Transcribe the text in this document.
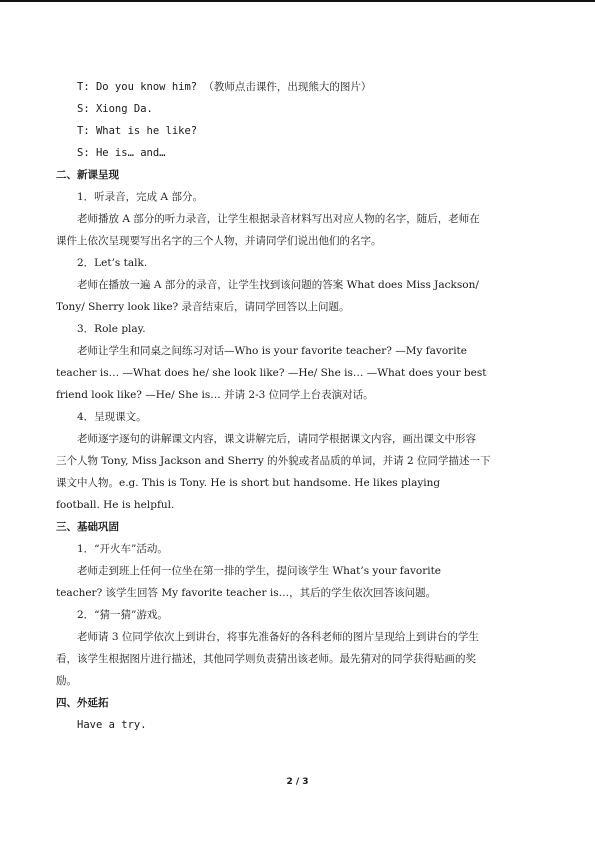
T: Do you know him? （教师点击课件，出现熊大的图片）
S: Xiong Da.
T: What is he like?
S: He is… and…
二、新课呈现
1．听录音，完成 A 部分。
老师播放 A 部分的听力录音，让学生根据录音材料写出对应人物的名字，随后，老师在
课件上依次呈现要写出名字的三个人物，并请同学们说出他们的名字。
2．Let’s talk.
老师在播放一遍 A 部分的录音，让学生找到该问题的答案 What does Miss Jackson/
Tony/ Sherry look like? 录音结束后，请同学回答以上问题。
3．Role play.
老师让学生和同桌之间练习对话—Who is your favorite teacher? —My favorite
teacher is… —What does he/ she look like? —He/ She is… —What does your best
friend look like? —He/ She is… 并请 2-3 位同学上台表演对话。
4．呈现课文。
老师逐字逐句的讲解课文内容，课文讲解完后，请同学根据课文内容，画出课文中形容
三个人物 Tony, Miss Jackson and Sherry 的外貌或者品质的单词，并请 2 位同学描述一下
课文中人物。e.g. This is Tony. He is short but handsome. He likes playing
football. He is helpful.
三、基础巩固
1．“开火车”活动。
老师走到班上任何一位坐在第一排的学生，提问该学生 What’s your favorite
teacher? 该学生回答 My favorite teacher is…，其后的学生依次回答该问题。
2．“猜一猜”游戏。
老师请 3 位同学依次上到讲台，将事先准备好的各科老师的图片呈现给上到讲台的学生
看，该学生根据图片进行描述，其他同学则负责猜出该老师。最先猜对的同学获得贴画的奖
励。
四、外延拓
Have a try.
2 / 3
